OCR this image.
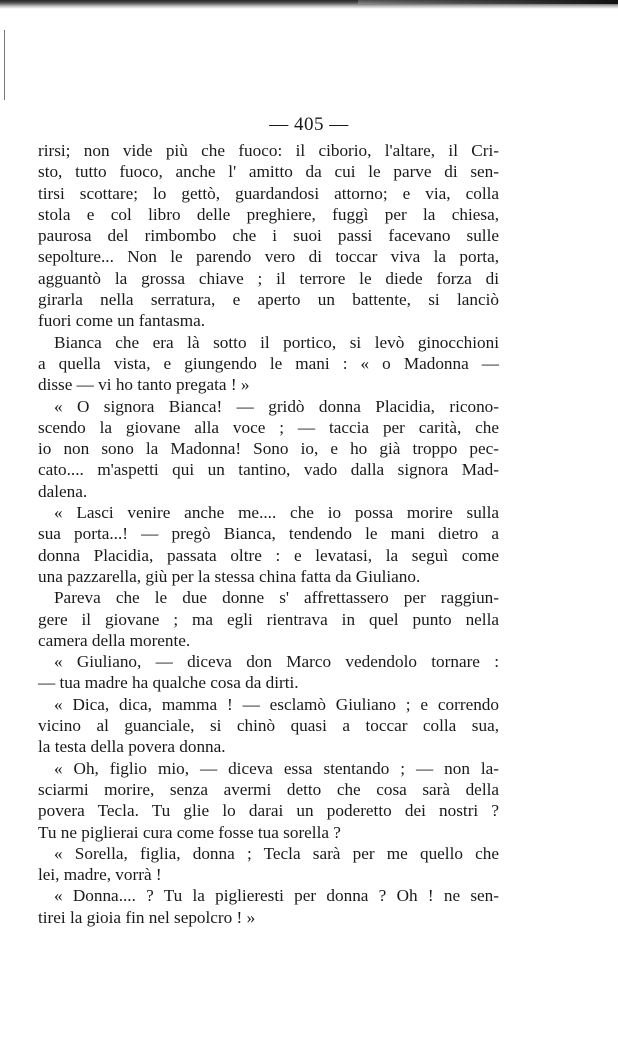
— 405 —
rirsi; non vide più che fuoco: il ciborio, l'altare, il Cri-
sto, tutto fuoco, anche l' amitto da cui le parve di sen-
tirsi scottare; lo gettò, guardandosi attorno; e via, colla
stola e col libro delle preghiere, fuggì per la chiesa,
paurosa del rimbombo che i suoi passi facevano sulle
sepolture... Non le parendo vero di toccar viva la porta,
agguantò la grossa chiave ; il terrore le diede forza di
girarla nella serratura, e aperto un battente, si lanciò
fuori come un fantasma.
Bianca che era là sotto il portico, si levò ginocchioni
a quella vista, e giungendo le mani : « o Madonna —
disse — vi ho tanto pregata ! »
« O signora Bianca! — gridò donna Placidia, ricono-
scendo la giovane alla voce ; — taccia per carità, che
io non sono la Madonna! Sono io, e ho già troppo pec-
cato.... m'aspetti qui un tantino, vado dalla signora Mad-
dalena.
« Lasci venire anche me.... che io possa morire sulla
sua porta...! — pregò Bianca, tendendo le mani dietro a
donna Placidia, passata oltre : e levatasi, la seguì come
una pazzarella, giù per la stessa china fatta da Giuliano.
Pareva che le due donne s' affrettassero per raggiun-
gere il giovane ; ma egli rientrava in quel punto nella
camera della morente.
« Giuliano, — diceva don Marco vedendolo tornare :
— tua madre ha qualche cosa da dirti.
« Dica, dica, mamma ! — esclamò Giuliano ; e correndo
vicino al guanciale, si chinò quasi a toccar colla sua,
la testa della povera donna.
« Oh, figlio mio, — diceva essa stentando ; — non la-
sciarmi morire, senza avermi detto che cosa sarà della
povera Tecla. Tu glie lo darai un poderetto dei nostri ?
Tu ne piglierai cura come fosse tua sorella ?
« Sorella, figlia, donna ; Tecla sarà per me quello che
lei, madre, vorrà !
« Donna.... ? Tu la piglieresti per donna ? Oh ! ne sen-
tirei la gioia fin nel sepolcro ! »
